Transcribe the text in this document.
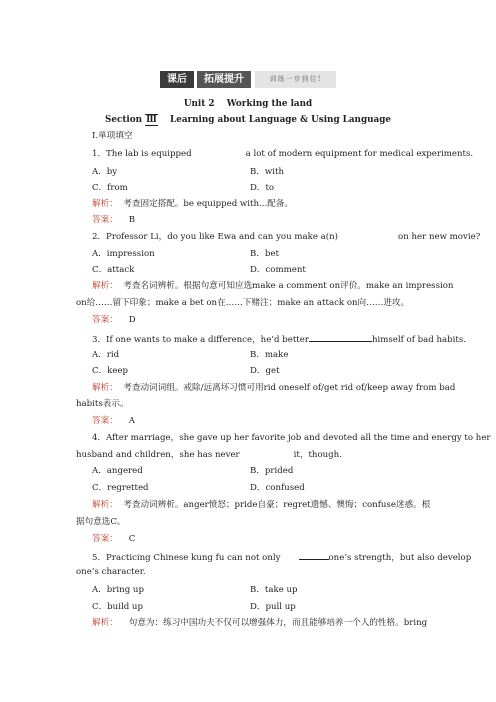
课后	拓展提升	训练一步到位!
Unit 2    Working the land
Section Ⅲ    Learning about Language & Using Language
Ⅰ.单项填空
1．The lab is equipped	a lot of modern equipment for medical experiments.
A．by	B．with
C．from	D．to
解析： 考查固定搭配。be equipped with...配备。
答案： B
2．Professor Li，do you like Ewa and can you make a(n)	on her new movie?
A．impression	B．bet
C．attack	D．comment
解析： 考查名词辨析。根据句意可知应选make a comment on评价。make an impression
on给……留下印象；make a bet on在……下赌注；make an attack on向……进攻。
答案： D
3．If one wants to make a difference，he’d better	himself of bad habits.
A．rid	B．make
C．keep	D．get
解析： 考查动词词组。戒除/远离坏习惯可用rid oneself of/get rid of/keep away from bad
habits表示。
答案： A
4．After marriage，she gave up her favorite job and devoted all the time and energy to her
husband and children，she has never	it，though.
A．angered	B．prided
C．regretted	D．confused
解析： 考查动词辨析。anger愤怒；pride自豪；regret遗憾、懊悔；confuse迷惑。根
据句意选C。
答案： C
5．Practicing Chinese kung fu can not only	one’s strength，but also develop
one’s character.
A．bring up	B．take up
C．build up	D．pull up
解析： 句意为：练习中国功夫不仅可以增强体力，而且能够培养一个人的性格。bring
